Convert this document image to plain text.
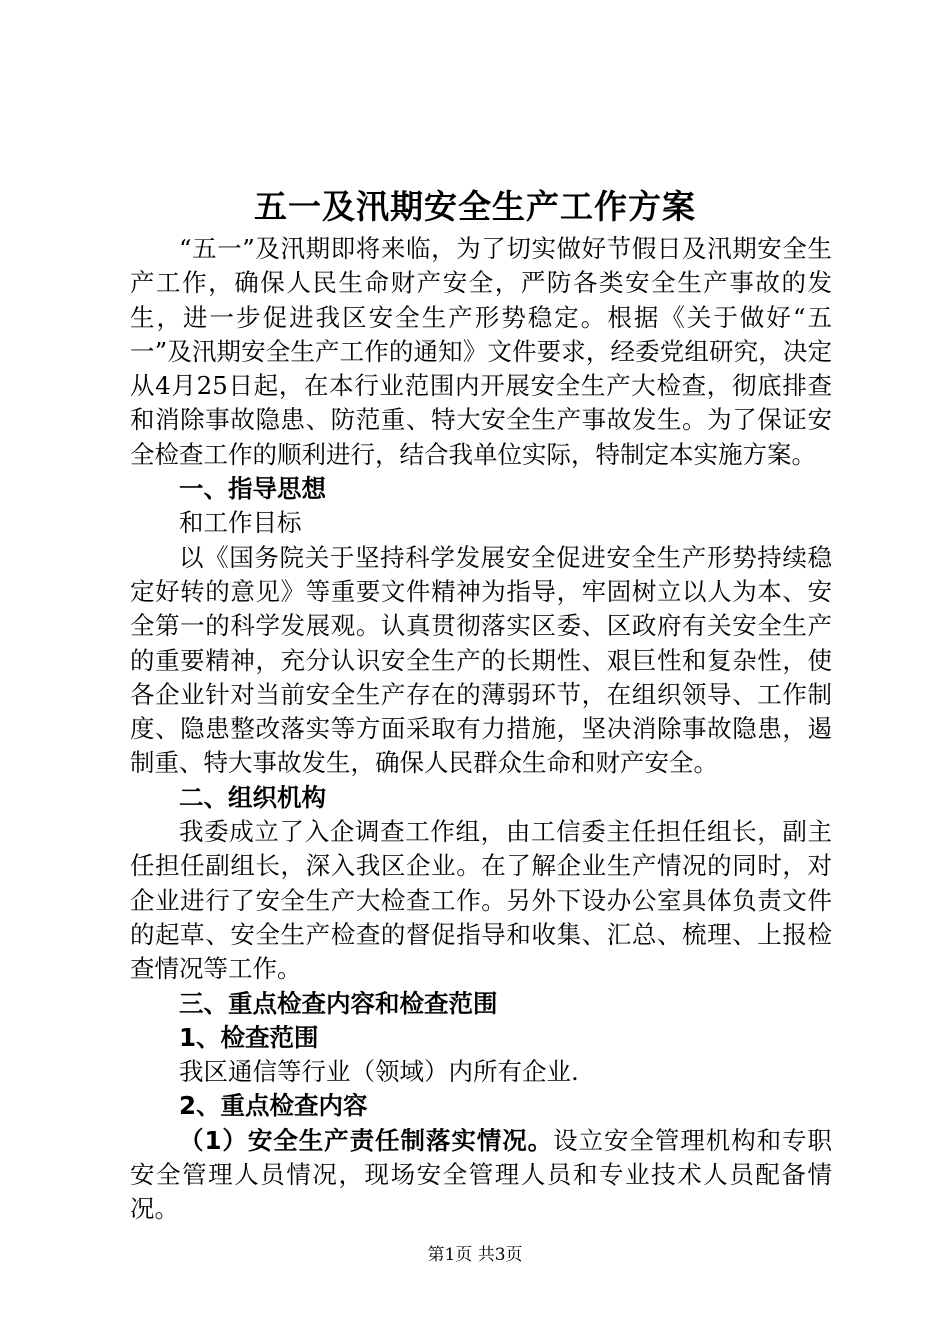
五一及汛期安全生产工作方案

“五一”及汛期即将来临，为了切实做好节假日及汛期安全生产工作，确保人民生命财产安全，严防各类安全生产事故的发生，进一步促进我区安全生产形势稳定。根据《关于做好“五一”及汛期安全生产工作的通知》文件要求，经委党组研究，决定从4月25日起，在本行业范围内开展安全生产大检查，彻底排查和消除事故隐患、防范重、特大安全生产事故发生。为了保证安全检查工作的顺利进行，结合我单位实际，特制定本实施方案。

一、指导思想

和工作目标

以《国务院关于坚持科学发展安全促进安全生产形势持续稳定好转的意见》等重要文件精神为指导，牢固树立以人为本、安全第一的科学发展观。认真贯彻落实区委、区政府有关安全生产的重要精神，充分认识安全生产的长期性、艰巨性和复杂性，使各企业针对当前安全生产存在的薄弱环节，在组织领导、工作制度、隐患整改落实等方面采取有力措施，坚决消除事故隐患，遏制重、特大事故发生，确保人民群众生命和财产安全。

二、组织机构

我委成立了入企调查工作组，由工信委主任担任组长，副主任担任副组长，深入我区企业。在了解企业生产情况的同时，对企业进行了安全生产大检查工作。另外下设办公室具体负责文件的起草、安全生产检查的督促指导和收集、汇总、梳理、上报检查情况等工作。

三、重点检查内容和检查范围

1、检查范围

我区通信等行业（领域）内所有企业.

2、重点检查内容

（1）安全生产责任制落实情况。设立安全管理机构和专职安全管理人员情况，现场安全管理人员和专业技术人员配备情况。

第1页 共3页
